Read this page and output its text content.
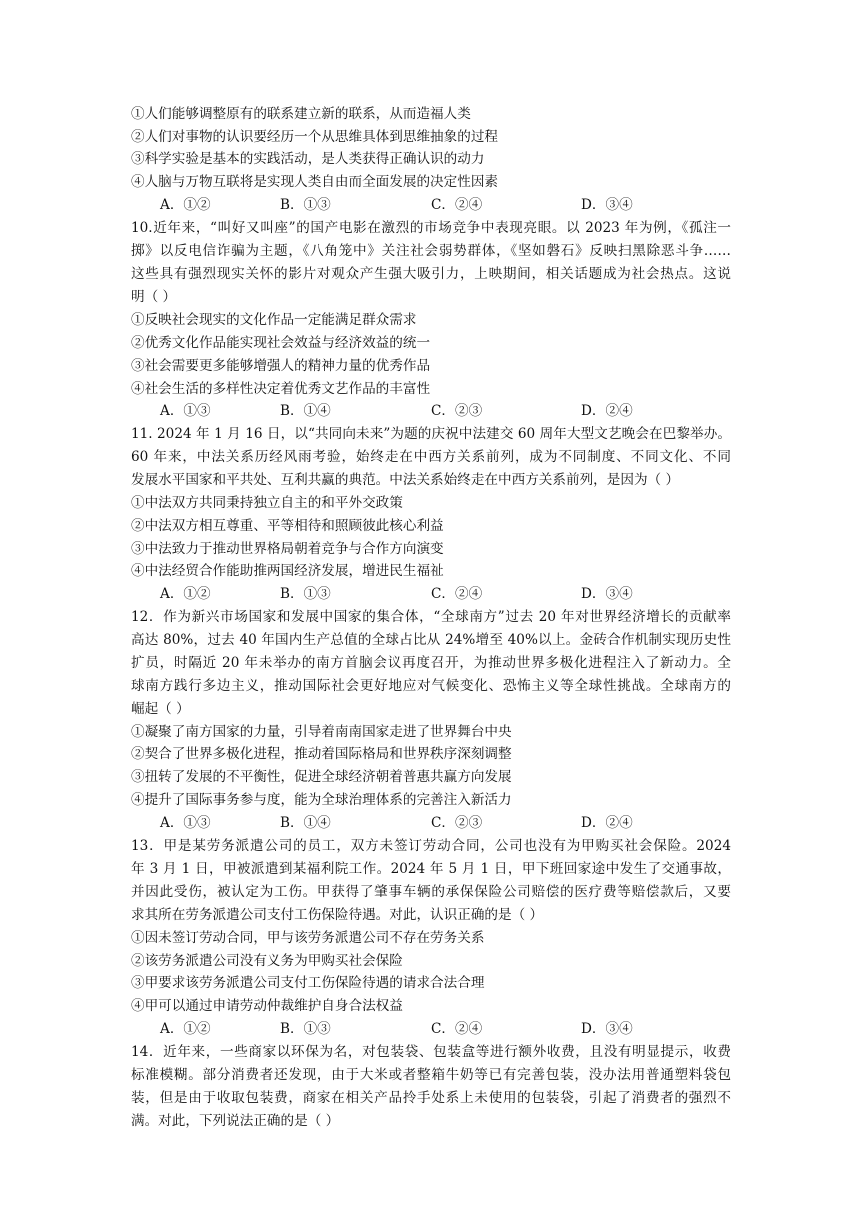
①人们能够调整原有的联系建立新的联系，从而造福人类
②人们对事物的认识要经历一个从思维具体到思维抽象的过程
③科学实验是基本的实践活动，是人类获得正确认识的动力
④人脑与万物互联将是实现人类自由而全面发展的决定性因素
A．①②	B．①③	C．②④	D．③④
10.近年来，“叫好又叫座”的国产电影在激烈的市场竞争中表现亮眼。以 2023 年为例，《孤注一
掷》以反电信诈骗为主题，《八角笼中》关注社会弱势群体，《坚如磐石》反映扫黑除恶斗争……
这些具有强烈现实关怀的影片对观众产生强大吸引力，上映期间，相关话题成为社会热点。这说
明（ ）
①反映社会现实的文化作品一定能满足群众需求
②优秀文化作品能实现社会效益与经济效益的统一
③社会需要更多能够增强人的精神力量的优秀作品
④社会生活的多样性决定着优秀文艺作品的丰富性
A．①③	B．①④	C．②③	D．②④
11. 2024 年 1 月 16 日，以“共同向未来”为题的庆祝中法建交 60 周年大型文艺晚会在巴黎举办。
60 年来，中法关系历经风雨考验，始终走在中西方关系前列，成为不同制度、不同文化、不同
发展水平国家和平共处、互利共赢的典范。中法关系始终走在中西方关系前列，是因为（ ）
①中法双方共同秉持独立自主的和平外交政策
②中法双方相互尊重、平等相待和照顾彼此核心利益
③中法致力于推动世界格局朝着竞争与合作方向演变
④中法经贸合作能助推两国经济发展，增进民生福祉
A．①②	B．①③	C．②④	D．③④
12．作为新兴市场国家和发展中国家的集合体，“全球南方”过去 20 年对世界经济增长的贡献率
高达 80%，过去 40 年国内生产总值的全球占比从 24%增至 40%以上。金砖合作机制实现历史性
扩员，时隔近 20 年未举办的南方首脑会议再度召开，为推动世界多极化进程注入了新动力。全
球南方践行多边主义，推动国际社会更好地应对气候变化、恐怖主义等全球性挑战。全球南方的
崛起（ ）
①凝聚了南方国家的力量，引导着南南国家走进了世界舞台中央
②契合了世界多极化进程，推动着国际格局和世界秩序深刻调整
③扭转了发展的不平衡性，促进全球经济朝着普惠共赢方向发展
④提升了国际事务参与度，能为全球治理体系的完善注入新活力
A．①③	B．①④	C．②③	D．②④
13．甲是某劳务派遣公司的员工，双方未签订劳动合同，公司也没有为甲购买社会保险。2024
年 3 月 1 日，甲被派遣到某福利院工作。2024 年 5 月 1 日，甲下班回家途中发生了交通事故，
并因此受伤，被认定为工伤。甲获得了肇事车辆的承保保险公司赔偿的医疗费等赔偿款后，又要
求其所在劳务派遣公司支付工伤保险待遇。对此，认识正确的是（ ）
①因未签订劳动合同，甲与该劳务派遣公司不存在劳务关系
②该劳务派遣公司没有义务为甲购买社会保险
③甲要求该劳务派遣公司支付工伤保险待遇的请求合法合理
④甲可以通过申请劳动仲裁维护自身合法权益
A．①②	B．①③	C．②④	D．③④
14．近年来，一些商家以环保为名，对包装袋、包装盒等进行额外收费，且没有明显提示，收费
标准模糊。部分消费者还发现，由于大米或者整箱牛奶等已有完善包装，没办法用普通塑料袋包
装，但是由于收取包装费，商家在相关产品拎手处系上未使用的包装袋，引起了消费者的强烈不
满。对此，下列说法正确的是（ ）
